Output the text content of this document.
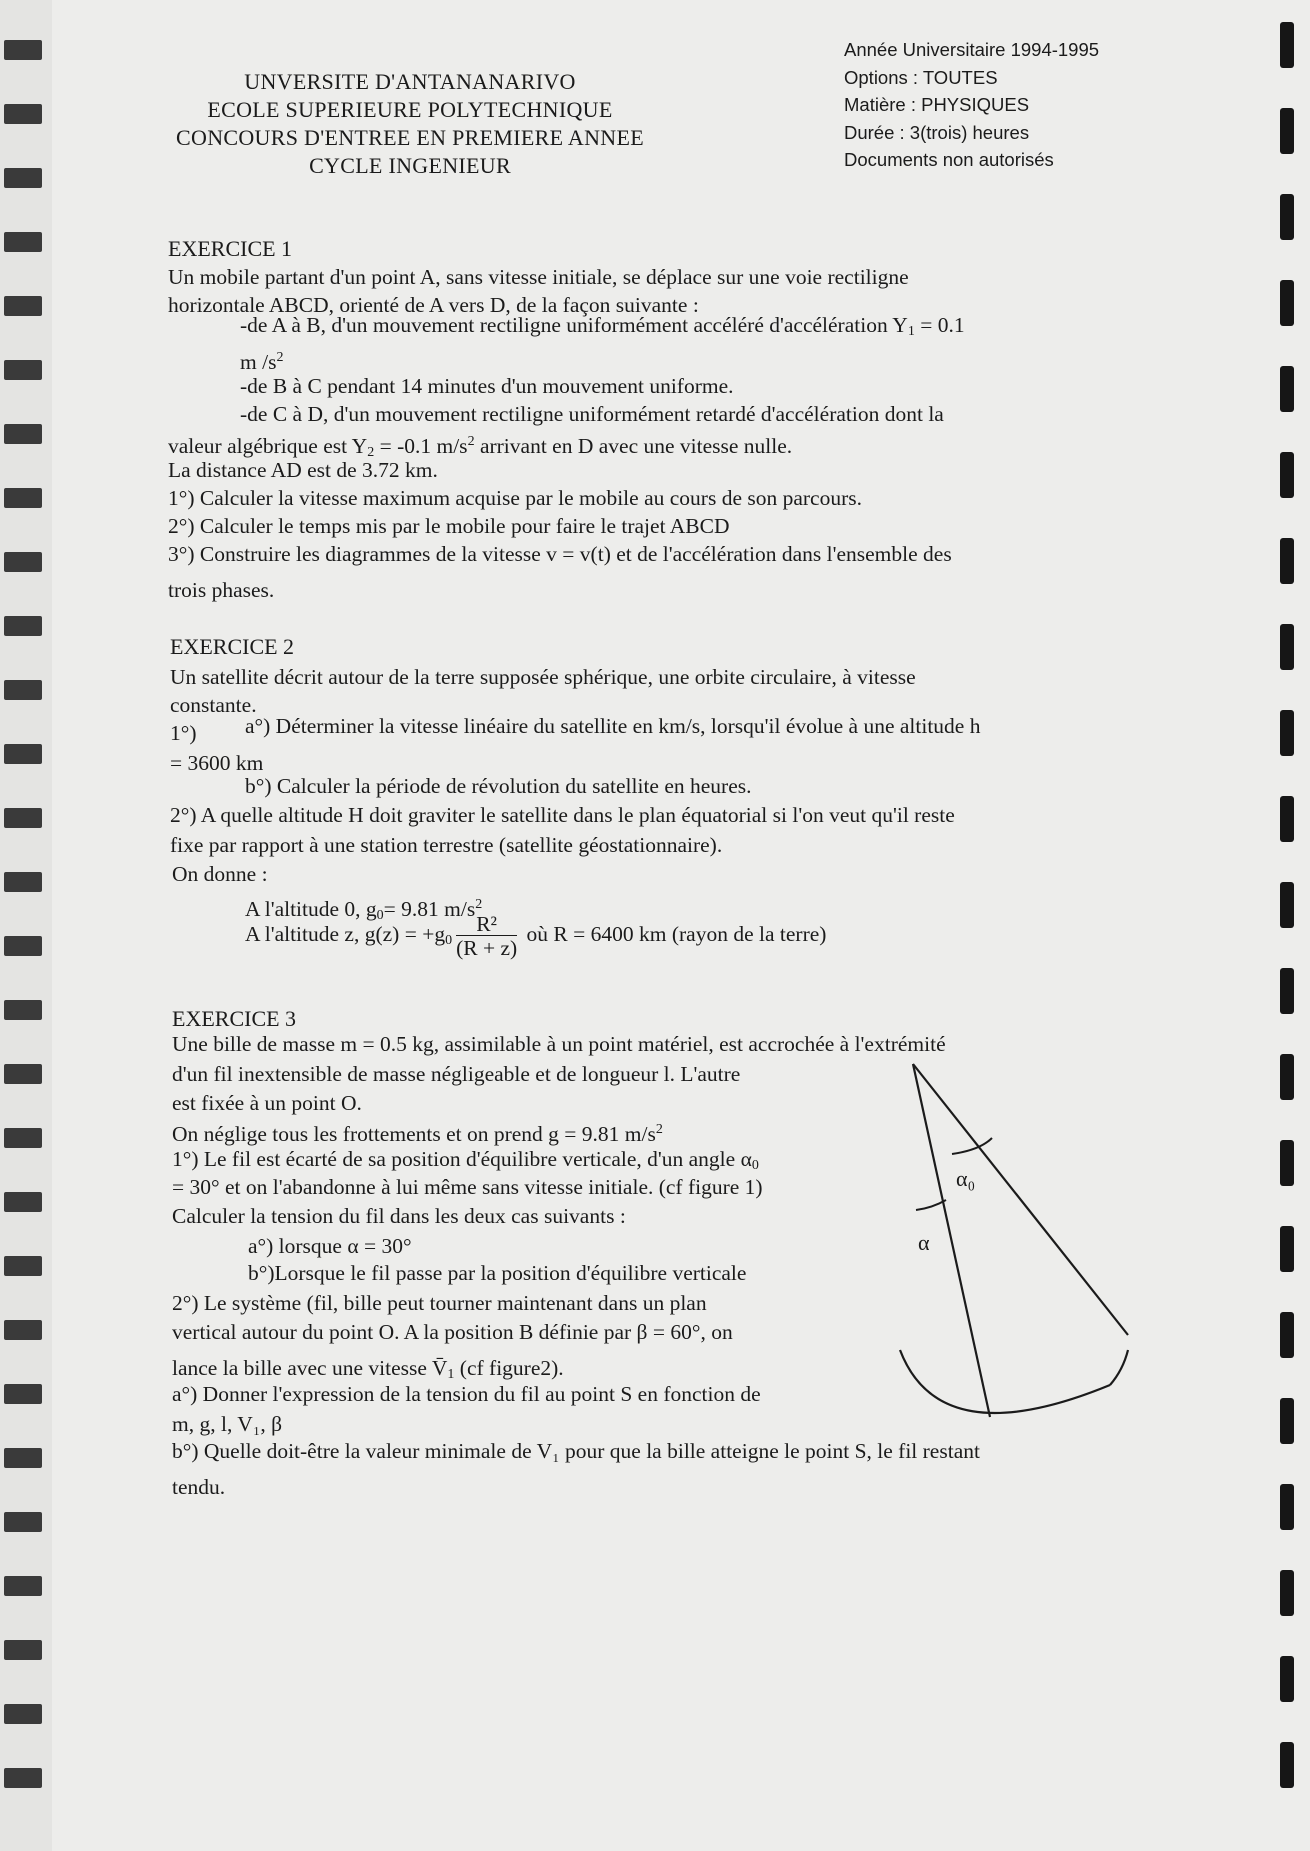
UNVERSITE D'ANTANANARIVO
ECOLE SUPERIEURE POLYTECHNIQUE
CONCOURS D'ENTREE EN PREMIERE ANNEE
CYCLE INGENIEUR
Année Universitaire 1994-1995
Options : TOUTES
Matière : PHYSIQUES
Durée : 3(trois) heures
Documents non autorisés
EXERCICE 1
Un mobile partant d'un point A, sans vitesse initiale, se déplace sur une voie rectiligne
horizontale ABCD, orienté de A vers D, de la façon suivante :
-de A à B, d'un mouvement rectiligne uniformément accéléré d'accélération $Y_1 = 0.1$
m $/s^2$
-de B à C pendant 14 minutes d'un mouvement uniforme.
-de C à D, d'un mouvement rectiligne uniformément retardé d'accélération dont la
valeur algébrique est $Y_2 = -0.1$ $m/s^2$ arrivant en D avec une vitesse nulle.
La distance AD est de 3.72 km.
1°) Calculer la vitesse maximum acquise par le mobile au cours de son parcours.
2°) Calculer le temps mis par le mobile pour faire le trajet ABCD
3°) Construire les diagrammes de la vitesse v = v(t) et de l'accélération dans l'ensemble des
trois phases.
EXERCICE 2
Un satellite décrit autour de la terre supposée sphérique, une orbite circulaire, à vitesse
constante.
1°) a°) Déterminer la vitesse linéaire du satellite en km/s, lorsqu'il évolue à une altitude h
= 3600 km
b°) Calculer la période de révolution du satellite en heures.
2°) A quelle altitude H doit graviter le satellite dans le plan équatorial si l'on veut qu'il reste
fixe par rapport à une station terrestre (satellite géostationnaire).
On donne :
A l'altitude 0, $g_0= 9.81$ $m/s^2$
A l'altitude z, $g(z) = +g_0 \frac{\text{R²}}{(R + z)}$ où R = 6400 km (rayon de la terre)
EXERCICE 3
Une bille de masse m = 0.5 kg, assimilable à un point matériel, est accrochée à l'extrémité
d'un fil inextensible de masse négligeable et de longueur l. L'autre
est fixée à un point O.
On néglige tous les frottements et on prend g = 9.81 $m/s^2$
1°) Le fil est écarté de sa position d'équilibre verticale, d'un angle $\alpha_0$
= 30° et on l'abandonne à lui même sans vitesse initiale. (cf figure 1)
Calculer la tension du fil dans les deux cas suivants :
a°) lorsque α = 30°
b°)Lorsque le fil passe par la position d'équilibre verticale
2°) Le système (fil, bille peut tourner maintenant dans un plan
vertical autour du point O. A la position B définie par β = 60°, on
lance la bille avec une vitesse $V̄_1$ (cf figure2).
a°) Donner l'expression de la tension du fil au point S en fonction de
m, g, l, V₁, β
b°) Quelle doit-être la valeur minimale de V₁ pour que la bille atteigne le point S, le fil restant
tendu.
α₀
α
